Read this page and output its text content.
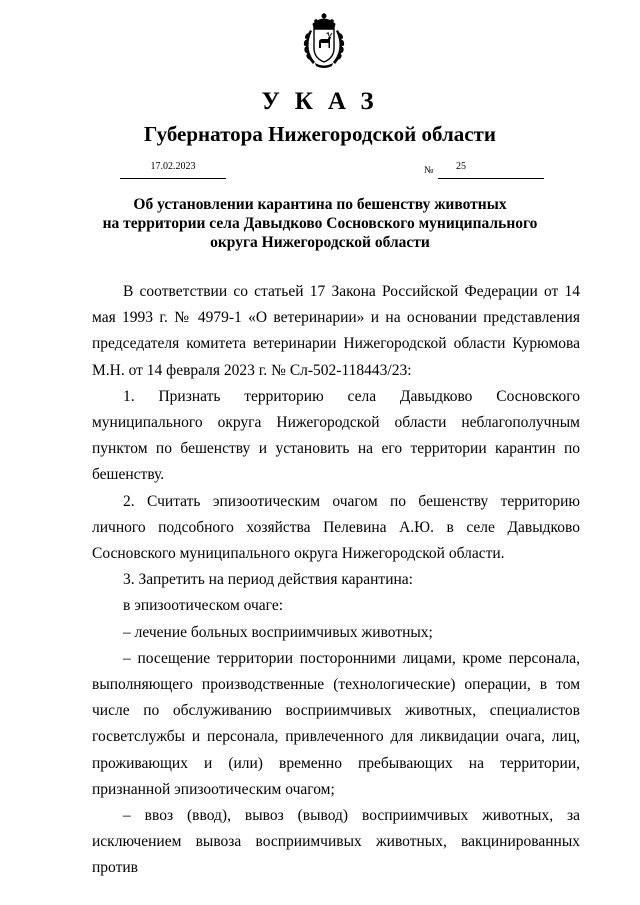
УКАЗ
Губернатора Нижегородской области
17.02.2023	№	25
Об установлении карантина по бешенству животных
на территории села Давыдково Сосновского муниципального
округа Нижегородской области

В соответствии со статьей 17 Закона Российской Федерации от 14 мая 1993 г. № 4979-1 «О ветеринарии» и на основании представления председателя комитета ветеринарии Нижегородской области Курюмова М.Н. от 14 февраля 2023 г. № Сл-502-118443/23:

1. Признать территорию села Давыдково Сосновского муниципального округа Нижегородской области неблагополучным пунктом по бешенству и установить на его территории карантин по бешенству.

2. Считать эпизоотическим очагом по бешенству территорию личного подсобного хозяйства Пелевина А.Ю. в селе Давыдково Сосновского муниципального округа Нижегородской области.

3. Запретить на период действия карантина:

в эпизоотическом очаге:

– лечение больных восприимчивых животных;

– посещение территории посторонними лицами, кроме персонала, выполняющего производственные (технологические) операции, в том числе по обслуживанию восприимчивых животных, специалистов госветслужбы и персонала, привлеченного для ликвидации очага, лиц, проживающих и (или) временно пребывающих на территории, признанной эпизоотическим очагом;

– ввоз (ввод), вывоз (вывод) восприимчивых животных, за исключением вывоза восприимчивых животных, вакцинированных против
